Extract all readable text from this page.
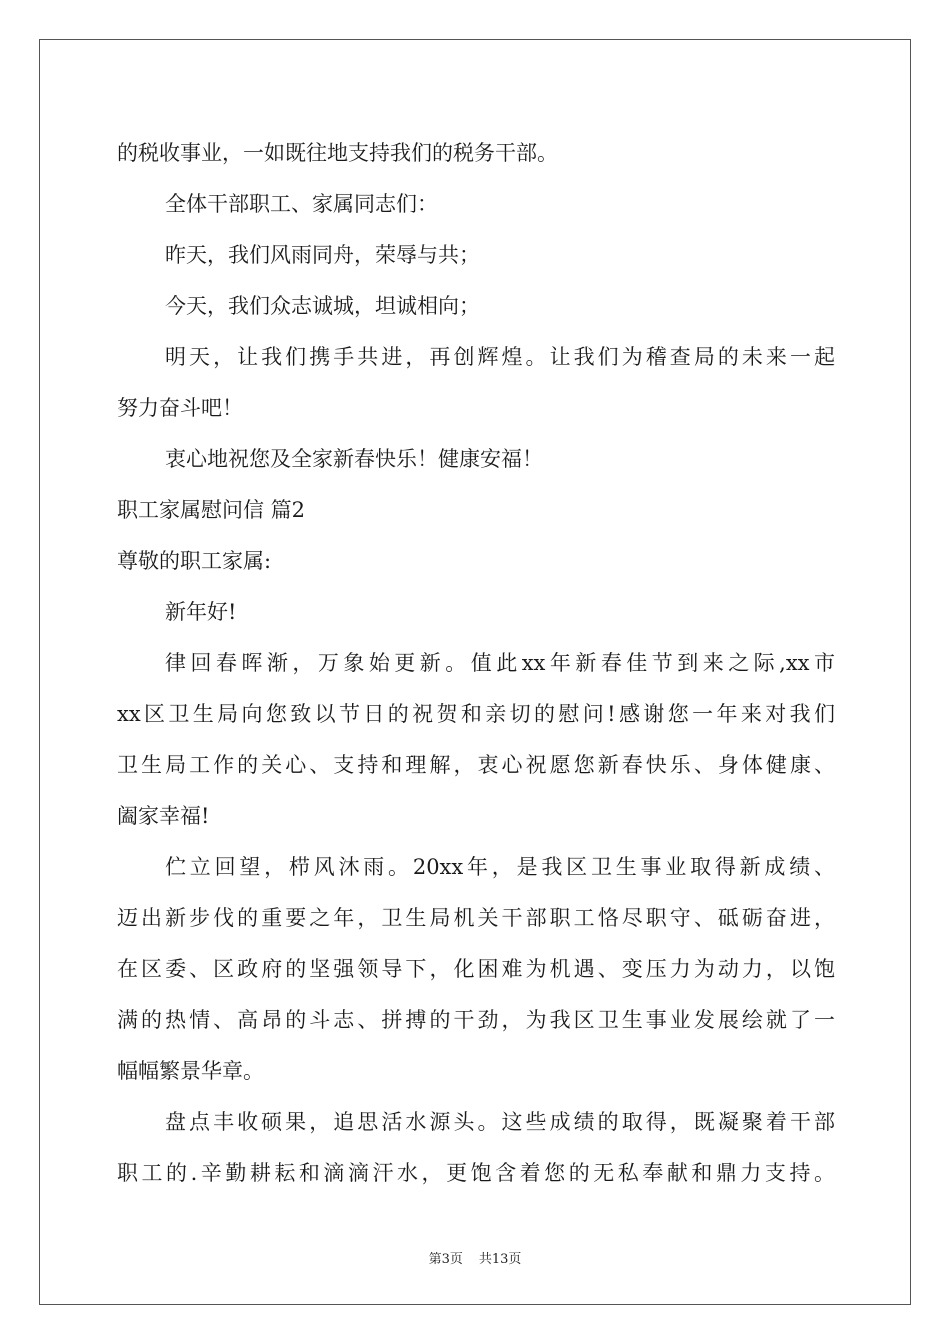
的税收事业，一如既往地支持我们的税务干部。
全体干部职工、家属同志们：
昨天，我们风雨同舟，荣辱与共；
今天，我们众志诚城，坦诚相向；
明天，让我们携手共进，再创辉煌。让我们为稽查局的未来一起
努力奋斗吧！
衷心地祝您及全家新春快乐！健康安福！
职工家属慰问信 篇2
尊敬的职工家属:
新年好!
律回春晖渐，万象始更新。值此xx年新春佳节到来之际,xx市
xx区卫生局向您致以节日的祝贺和亲切的慰问!感谢您一年来对我们
卫生局工作的关心、支持和理解，衷心祝愿您新春快乐、身体健康、
阖家幸福!
伫立回望，栉风沐雨。20xx年，是我区卫生事业取得新成绩、
迈出新步伐的重要之年，卫生局机关干部职工恪尽职守、砥砺奋进，
在区委、区政府的坚强领导下，化困难为机遇、变压力为动力，以饱
满的热情、高昂的斗志、拼搏的干劲，为我区卫生事业发展绘就了一
幅幅繁景华章。
盘点丰收硕果，追思活水源头。这些成绩的取得，既凝聚着干部
职工的.辛勤耕耘和滴滴汗水，更饱含着您的无私奉献和鼎力支持。
第3页 共13页
